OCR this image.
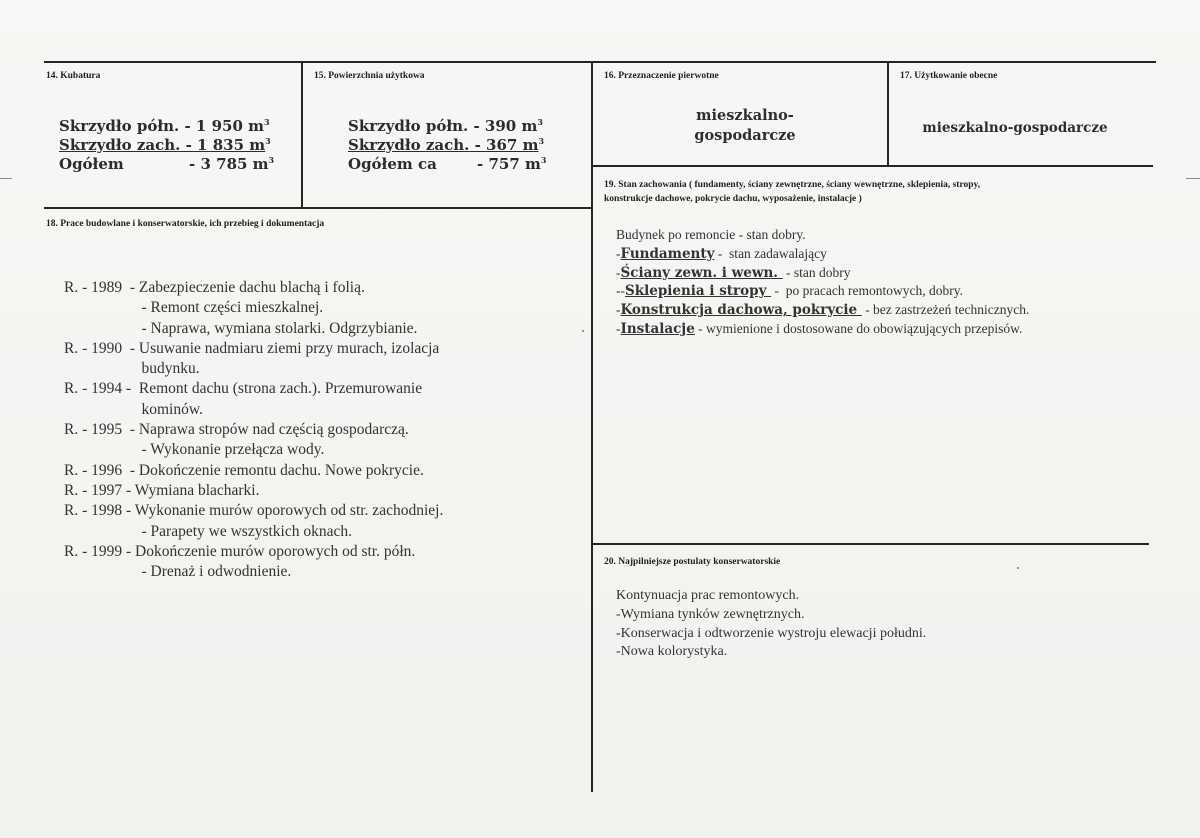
14. Kubatura
Skrzydło półn. - 1 950 $m^3$
Skrzydło zach. - 1 835 $m^3$
Ogółem	- 3 785 $m^3$
15. Powierzchnia użytkowa
Skrzydło półn. - 390 $m^3$
Skrzydło zach. - 367 $m^3$
Ogółem ca	- 757 $m^3$
16. Przeznaczenie pierwotne
mieszkalno-
gospodarcze
17. Użytkowanie obecne
mieszkalno-gospodarcze
18. Prace budowlane i konserwatorskie, ich przebieg i dokumentacja
R. - 1989  - Zabezpieczenie dachu blachą i folią.
- Remont części mieszkalnej.
- Naprawa, wymiana stolarki. Odgrzybianie.
R. - 1990  - Usuwanie nadmiaru ziemi przy murach, izolacja
budynku.
R. - 1994 -  Remont dachu (strona zach.). Przemurowanie
kominów.
R. - 1995  - Naprawa stropów nad częścią gospodarczą.
- Wykonanie przełącza wody.
R. - 1996  - Dokończenie remontu dachu. Nowe pokrycie.
R. - 1997 - Wymiana blacharki.
R. - 1998 - Wykonanie murów oporowych od str. zachodniej.
- Parapety we wszystkich oknach.
R. - 1999 - Dokończenie murów oporowych od str. półn.
- Drenaż i odwodnienie.
19. Stan zachowania ( fundamenty, ściany zewnętrzne, ściany wewnętrzne, sklepienia, stropy,
konstrukcje dachowe, pokrycie dachu, wyposażenie, instalacje )
Budynek po remoncie - stan dobry.
-Fundamenty -  stan zadawalający
-Ściany zewn. i wewn.  - stan dobry
--Sklepienia i stropy  -  po pracach remontowych, dobry.
-Konstrukcja dachowa, pokrycie  - bez zastrzeżeń technicznych.
-Instalacje - wymienione i dostosowane do obowiązujących przepisów.
20. Najpilniejsze postulaty konserwatorskie
Kontynuacja prac remontowych.
-Wymiana tynków zewnętrznych.
-Konserwacja i odtworzenie wystroju elewacji południ.
-Nowa kolorystyka.
